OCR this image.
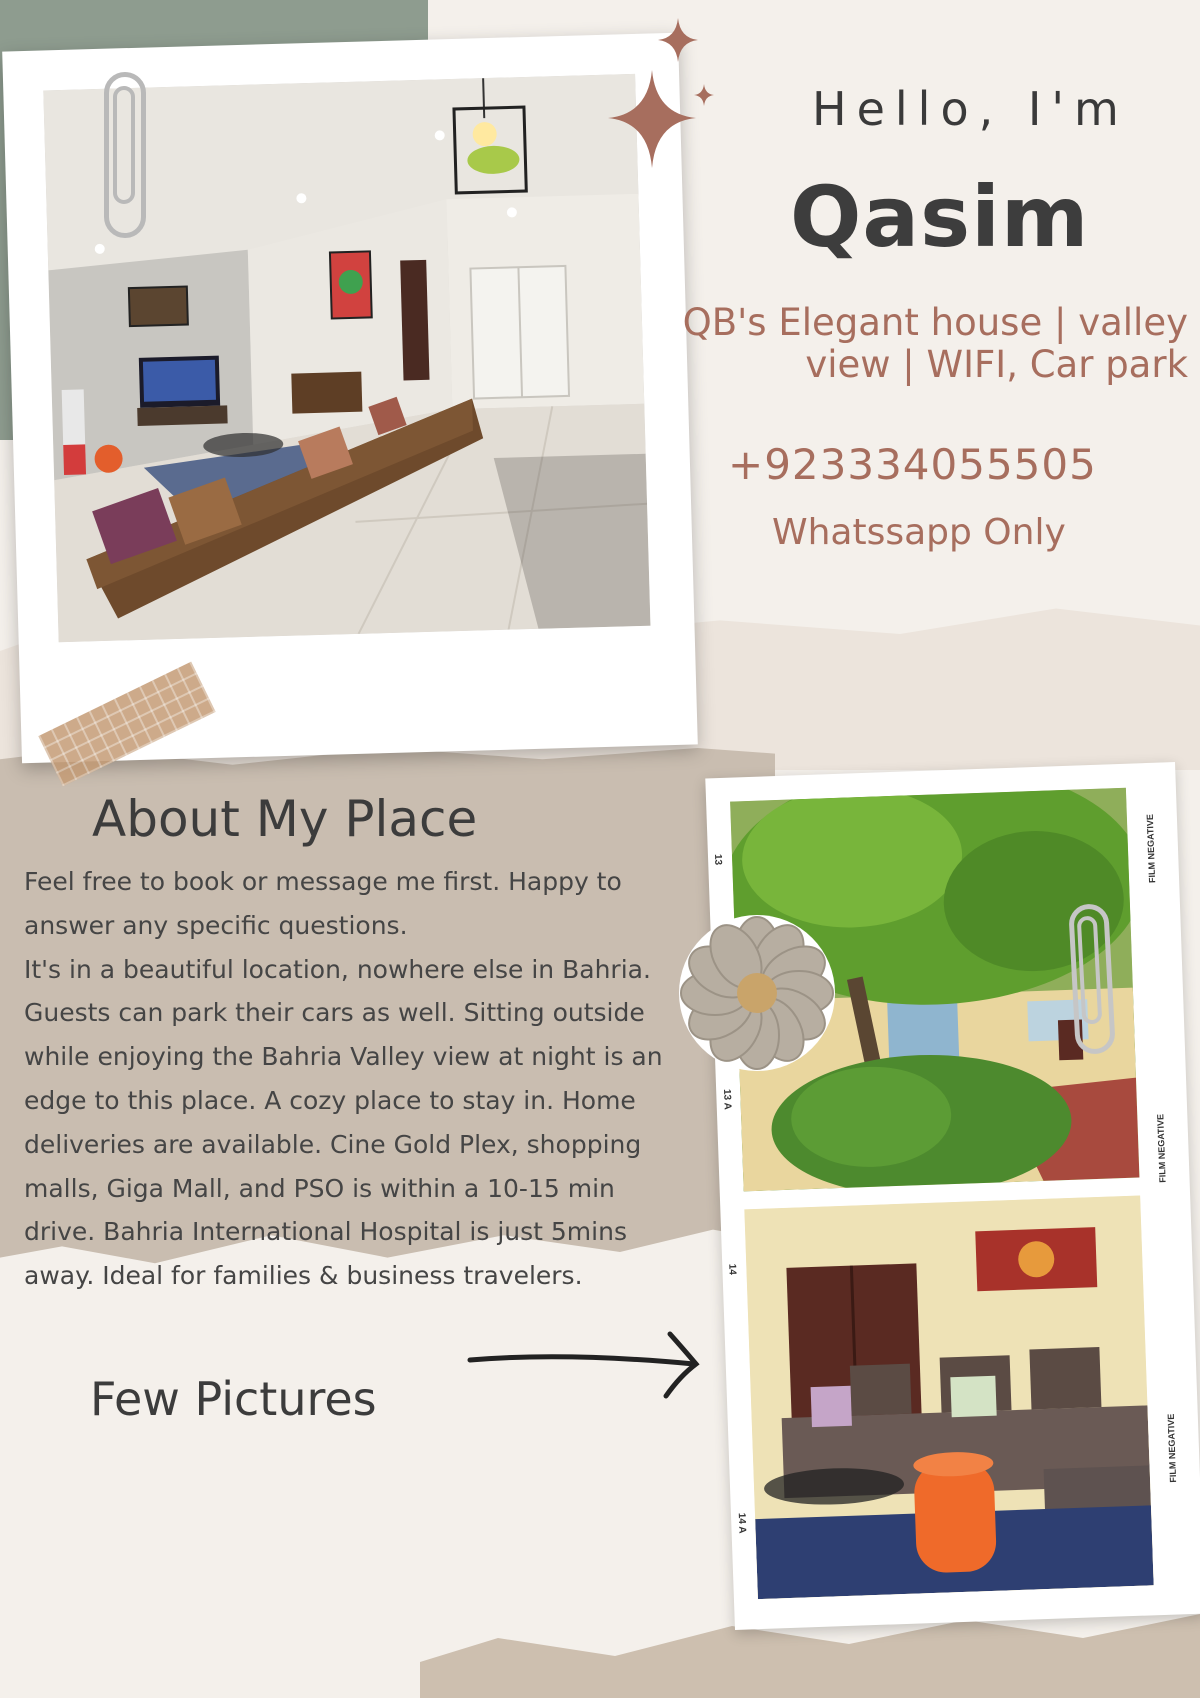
Hello, I'm
Qasim
QB's Elegant house | valley
view | WIFI, Car park
+923334055505
Whatssapp Only
About My Place

Feel free to book or message me first. Happy to answer any specific questions.

It's in a beautiful location, nowhere else in Bahria. Guests can park their cars as well. Sitting outside while enjoying the Bahria Valley view at night is an edge to this place. A cozy place to stay in. Home deliveries are available. Cine Gold Plex, shopping malls, Giga Mall, and PSO is within a 10-15 min drive. Bahria International Hospital is just 5mins away. Ideal for families & business travelers.

Few Pictures
FILM NEGATIVE
FILM NEGATIVE
FILM NEGATIVE
13
13 A
14
14 A
